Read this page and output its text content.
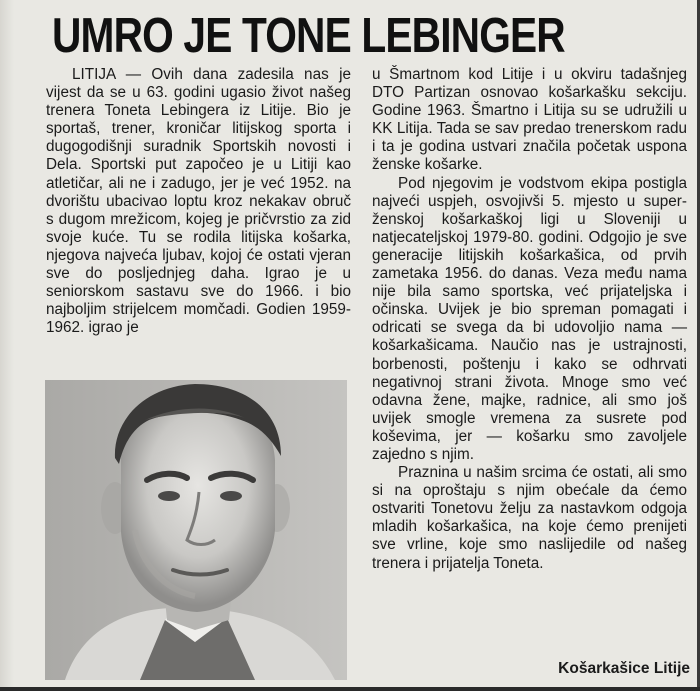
UMRO JE TONE LEBINGER

LITIJA — Ovih dana zadesila nas je vijest da se u 63. godini ugasio život našeg trenera Toneta Lebingera iz Litije. Bio je sportaš, trener, kroničar litijskog sporta i dugogodišnji suradnik Sportskih novosti i Dela. Sportski put započeo je u Litiji kao atletičar, ali ne i zadugo, jer je već 1952. na dvorištu ubacivao loptu kroz nekakav obruč s dugom mrežicom, kojeg je pričvrstio za zid svoje kuće. Tu se rodila litijska košarka, njegova najveća ljubav, kojoj će ostati vjeran sve do posljednjeg daha. Igrao je u seniorskom sastavu sve do 1966. i bio najboljim strijelcem momčadi. Godien 1959-1962. igrao je

u Šmartnom kod Litije i u okviru tadašnjeg DTO Partizan osnovao košarkašku sekciju. Godine 1963. Šmartno i Litija su se udružili u KK Litija. Tada se sav predao trenerskom radu i ta je godina ustvari značila početak uspona ženske košarke.

Pod njegovim je vodstvom ekipa postigla najveći uspjeh, osvojivši 5. mjesto u super-ženskoj košarkaškoj ligi u Sloveniji u natjecateljskoj 1979-80. godini. Odgojio je sve generacije litijskih košarkašica, od prvih zametaka 1956. do danas. Veza među nama nije bila samo sportska, već prijateljska i očinska. Uvijek je bio spreman pomagati i odricati se svega da bi udovoljio nama — košarkašicama. Naučio nas je ustrajnosti, borbenosti, poštenju i kako se odhrvati negativnoj strani života. Mnoge smo već odavna žene, majke, radnice, ali smo još uvijek smogle vremena za susrete pod koševima, jer — košarku smo zavoljele zajedno s njim.

Praznina u našim srcima će ostati, ali smo si na oproštaju s njim obećale da ćemo ostvariti Tonetovu želju za nastavkom odgoja mladih košarkašica, na koje ćemo prenijeti sve vrline, koje smo naslijedile od našeg trenera i prijatelja Toneta.

Košarkašice Litije
